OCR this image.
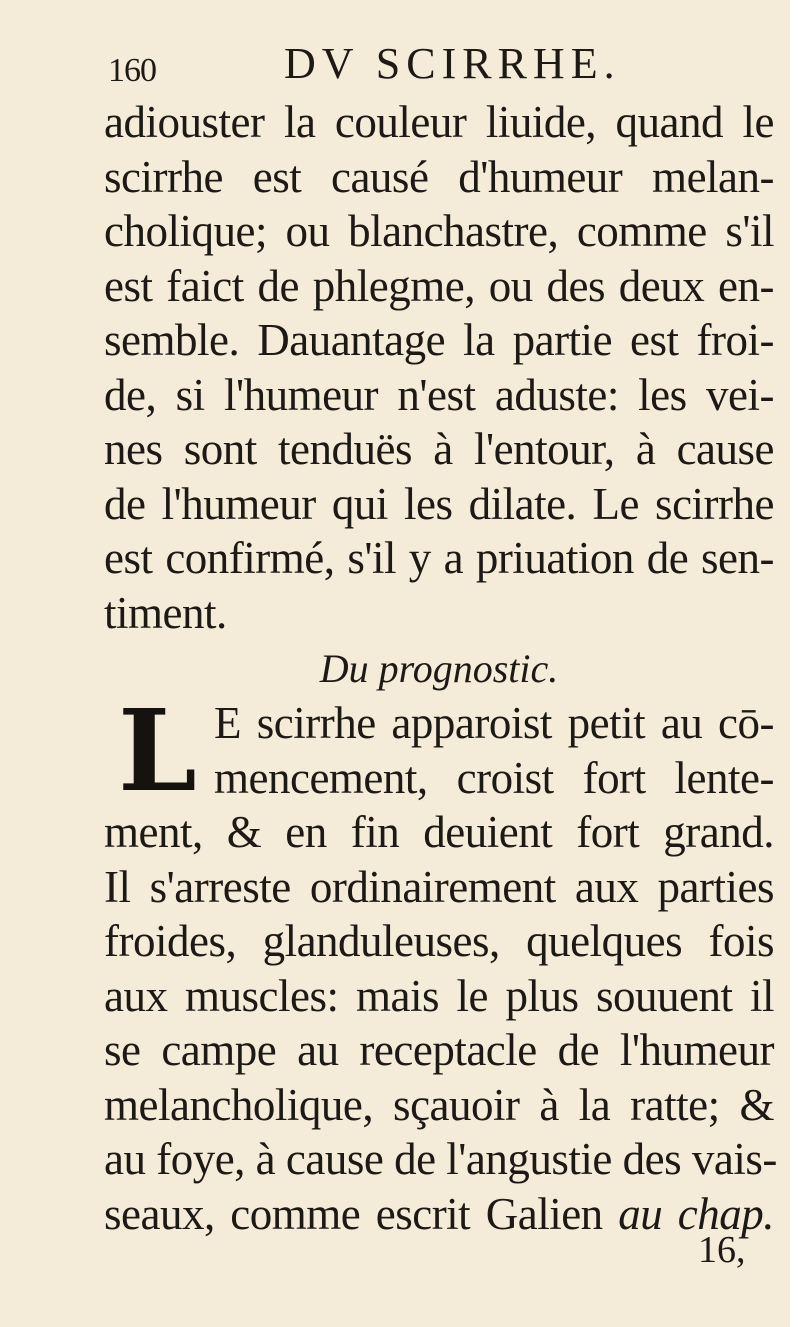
160	DV SCIRRHE.
adiouster la couleur liuide, quand le
scirrhe est causé d'humeur melan-
cholique; ou blanchastre, comme s'il
est faict de phlegme, ou des deux en-
semble. Dauantage la partie est froi-
de, si l'humeur n'est aduste: les vei-
nes sont tenduës à l'entour, à cause
de l'humeur qui les dilate. Le scirrhe
est confirmé, s'il y a priuation de sen-
timent.
Du prognostic.
L E scirrhe apparoist petit au cō-
mencement, croist fort lente-
ment, & en fin deuient fort grand.
Il s'arreste ordinairement aux parties
froides, glanduleuses, quelques fois
aux muscles: mais le plus souuent il
se campe au receptacle de l'humeur
melancholique, sçauoir à la ratte; &
au foye, à cause de l'angustie des vais-
seaux, comme escrit Galien au chap.
16,
